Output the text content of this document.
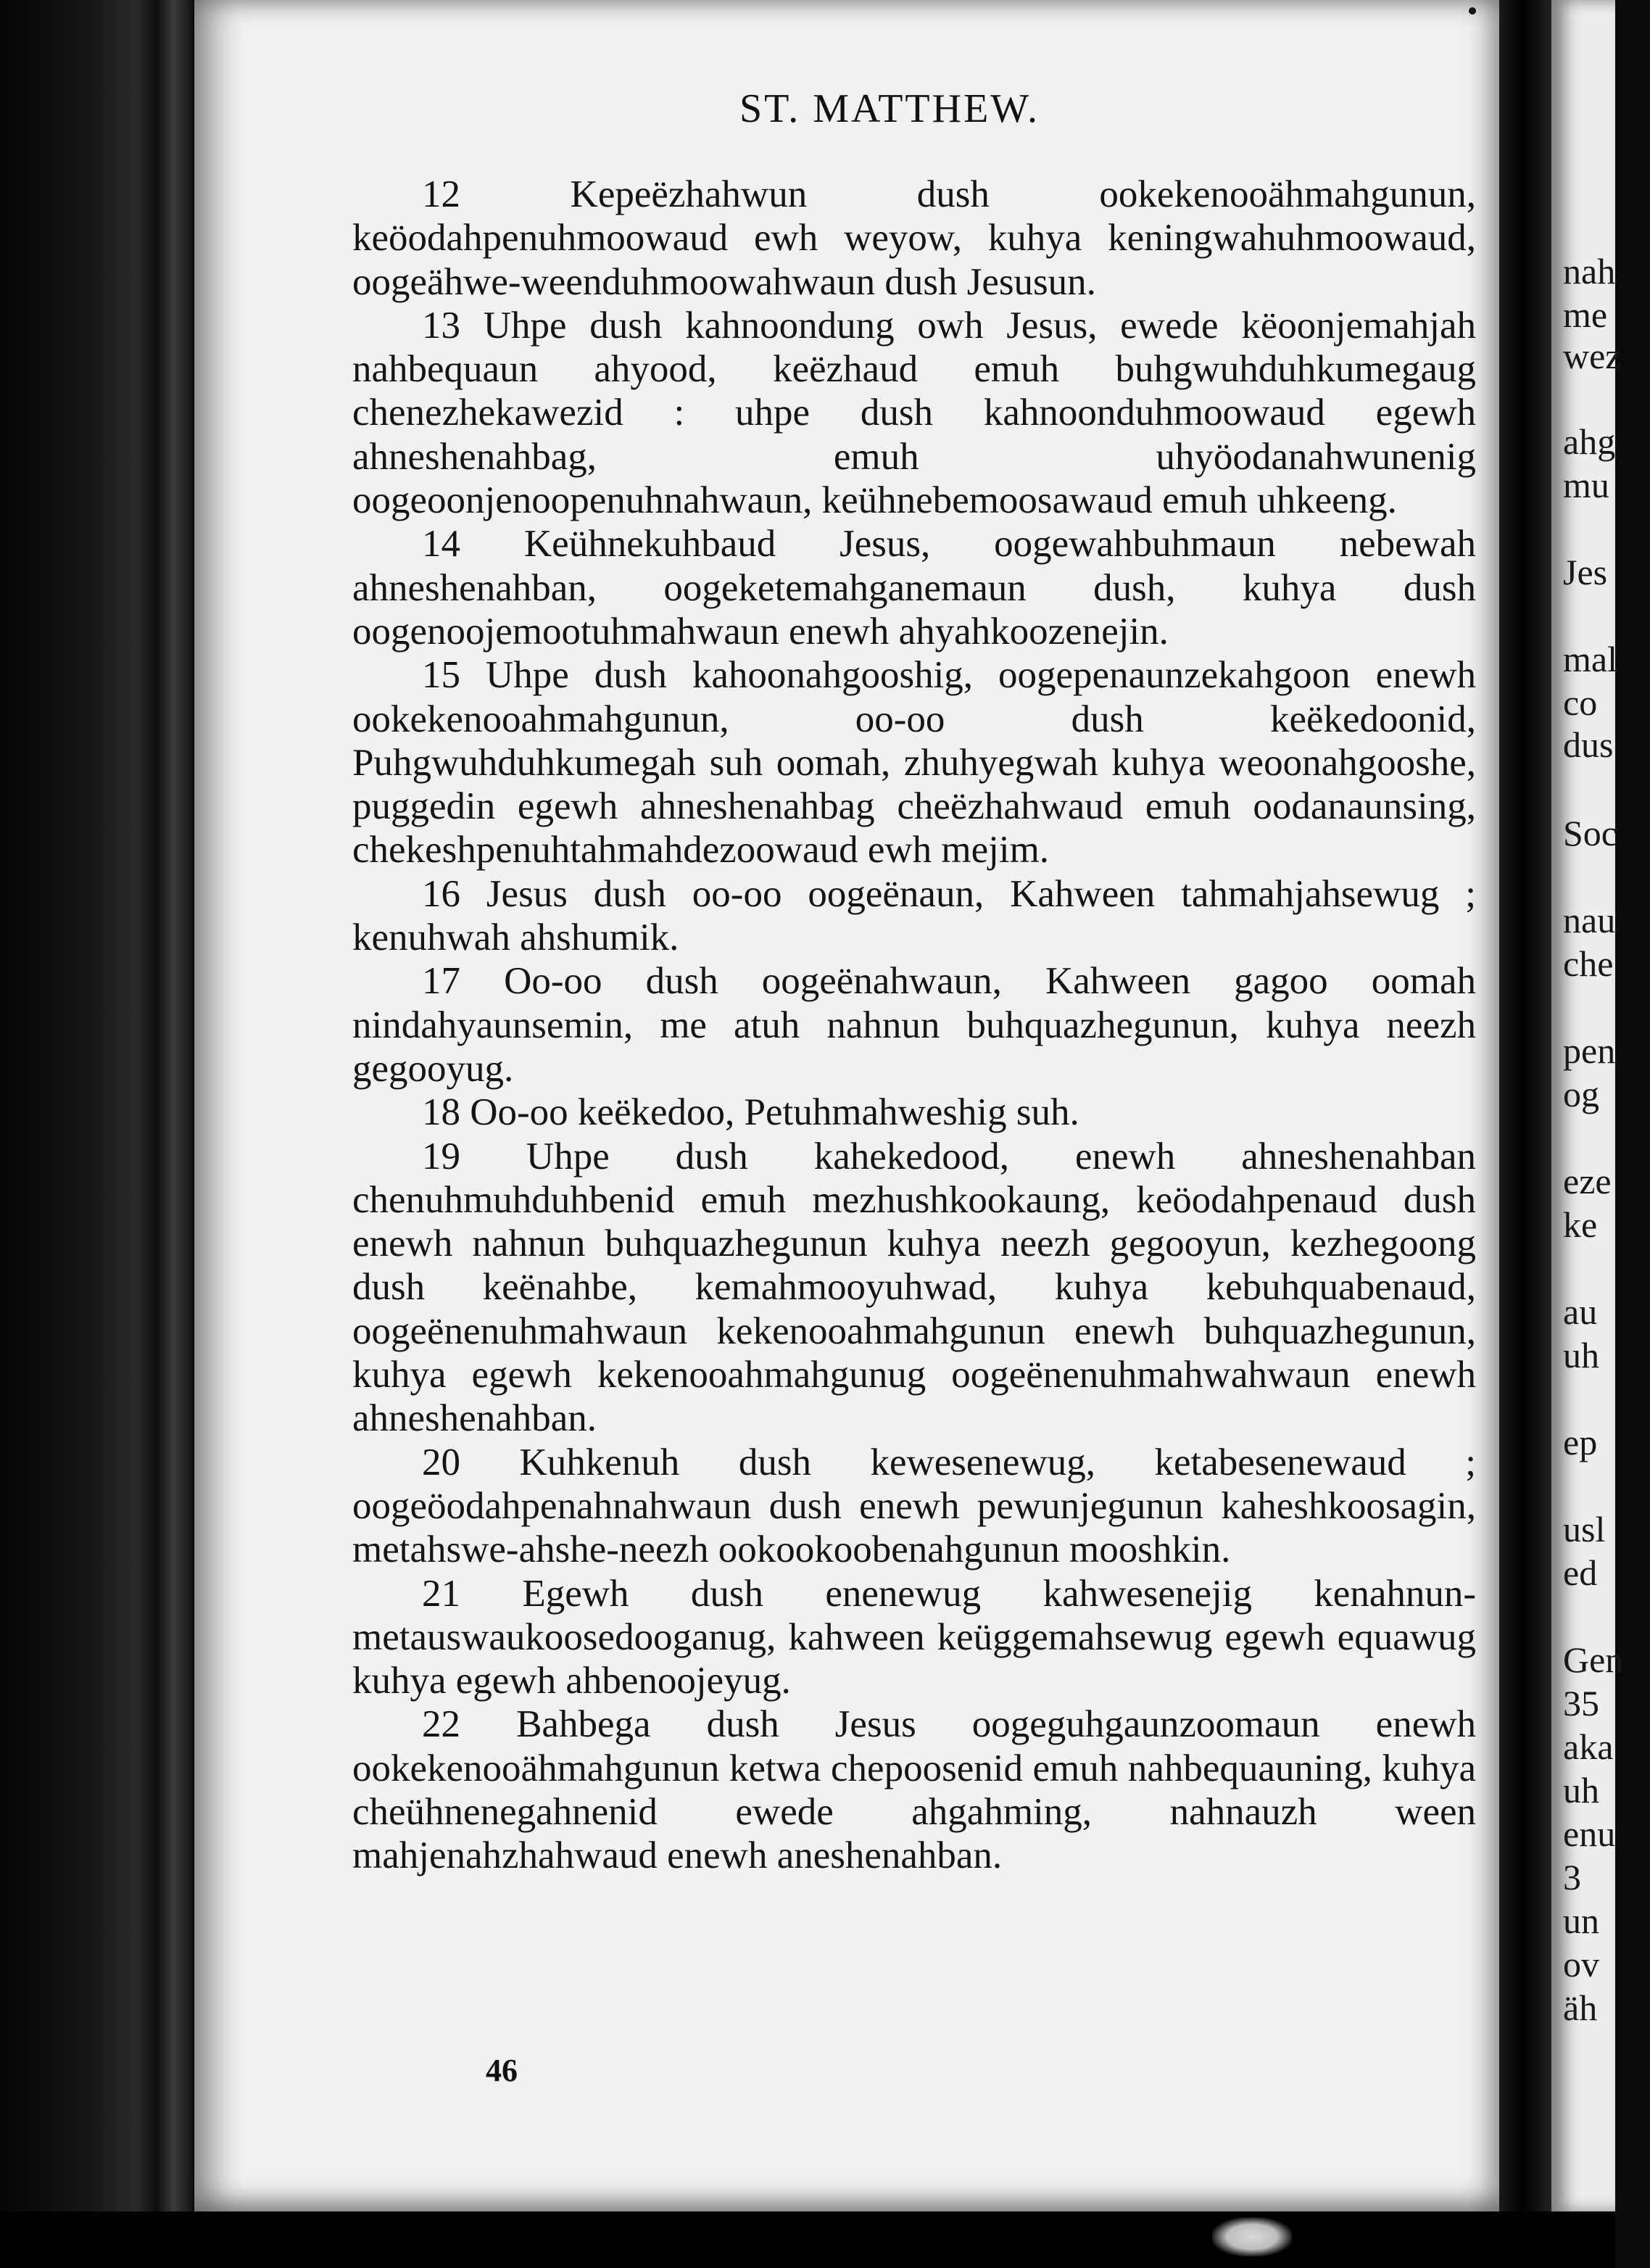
ST. MATTHEW.

12 Kepeëzhahwun dush ookekenooähmahgunun, keöodahpenuhmoowaud ewh weyow, kuhya keningwahuhmoowaud, oogeähwe-weenduhmoowahwaun dush Jesusun.

13 Uhpe dush kahnoondung owh Jesus, ewede këoonjemahjah nahbequaun ahyood, keëzhaud emuh buhgwuhduhkumegaug chenezhekawezid : uhpe dush kahnoonduhmoowaud egewh ahneshenahbag, emuh uhyöodanahwunenig oogeoonjenoopenuhnahwaun, keühnebemoosawaud emuh uhkeeng.

14 Keühnekuhbaud Jesus, oogewahbuhmaun nebewah ahneshenahban, oogeketemahganemaun dush, kuhya dush oogenoojemootuhmahwaun enewh ahyahkoozenejin.

15 Uhpe dush kahoonahgooshig, oogepenaunzekahgoon enewh ookekenooahmahgunun, oo-oo dush keëkedoonid, Puhgwuhduhkumegah suh oomah, zhuhyegwah kuhya weoonahgooshe, puggedin egewh ahneshenahbag cheëzhahwaud emuh oodanaunsing, chekeshpenuhtahmahdezoowaud ewh mejim.

16 Jesus dush oo-oo oogeënaun, Kahween tahmahjahsewug ; kenuhwah ahshumik.

17 Oo-oo dush oogeënahwaun, Kahween gagoo oomah nindahyaunsemin, me atuh nahnun buhquazhegunun, kuhya neezh gegooyug.

18 Oo-oo keëkedoo, Petuhmahweshig suh.

19 Uhpe dush kahekedood, enewh ahneshenahban chenuhmuhduhbenid emuh mezhushkookaung, keöodahpenaud dush enewh nahnun buhquazhegunun kuhya neezh gegooyun, kezhegoong dush keënahbe, kemahmooyuhwad, kuhya kebuhquabenaud, oogeënenuhmahwaun kekenooahmahgunun enewh buhquazhegunun, kuhya egewh kekenooahmahgunug oogeënenuhmahwahwaun enewh ahneshenahban.

20 Kuhkenuh dush kewesenewug, ketabesenewaud ; oogeöodahpenahnahwaun dush enewh pewunjegunun kaheshkoosagin, metahswe-ahshe-neezh ookookoobenahgunun mooshkin.

21 Egewh dush enenewug kahwesenejig kenahnun-metauswaukoosedooganug, kahween keüggemahsewug egewh equawug kuhya egewh ahbenoojeyug.

22 Bahbega dush Jesus oogeguhgaunzoomaun enewh ookekenooähmahgunun ketwa chepoosenid emuh nahbequauning, kuhya cheühnenegahnenid ewede ahgahming, nahnauzh ween mahjenahzhahwaud enewh aneshenahban.

46
nah
me
wez
ahg
mu
Jes
mal
co
dus
Soc
nau
che
pen
og
eze
ke
au
uh
ep
usl
ed
Gen
35
aka
uh
enu
3
un
ov
äh
